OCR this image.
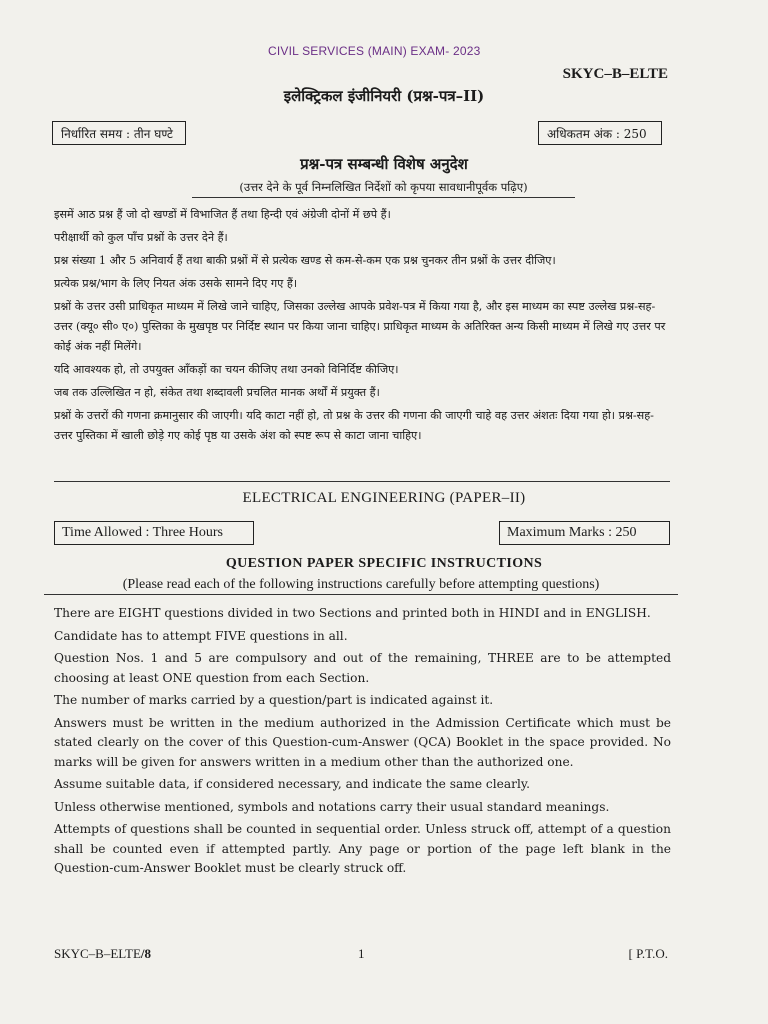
CIVIL SERVICES (MAIN) EXAM- 2023
SKYC–B–ELTE
इलेक्ट्रिकल इंजीनियरी (प्रश्न-पत्र–II)
निर्धारित समय : तीन घण्टे	अधिकतम अंक : 250
प्रश्न-पत्र सम्बन्धी विशेष अनुदेश
(उत्तर देने के पूर्व निम्नलिखित निर्देशों को कृपया सावधानीपूर्वक पढ़िए)

इसमें आठ प्रश्न हैं जो दो खण्डों में विभाजित हैं तथा हिन्दी एवं अंग्रेजी दोनों में छपे हैं।

परीक्षार्थी को कुल पाँच प्रश्नों के उत्तर देने हैं।

प्रश्न संख्या 1 और 5 अनिवार्य हैं तथा बाकी प्रश्नों में से प्रत्येक खण्ड से कम-से-कम एक प्रश्न चुनकर तीन प्रश्नों के उत्तर दीजिए।

प्रत्येक प्रश्न/भाग के लिए नियत अंक उसके सामने दिए गए हैं।

प्रश्नों के उत्तर उसी प्राधिकृत माध्यम में लिखे जाने चाहिए, जिसका उल्लेख आपके प्रवेश-पत्र में किया गया है, और इस माध्यम का स्पष्ट उल्लेख प्रश्न-सह-उत्तर (क्यू० सी० ए०) पुस्तिका के मुखपृष्ठ पर निर्दिष्ट स्थान पर किया जाना चाहिए। प्राधिकृत माध्यम के अतिरिक्त अन्य किसी माध्यम में लिखे गए उत्तर पर कोई अंक नहीं मिलेंगे।

यदि आवश्यक हो, तो उपयुक्त आँकड़ों का चयन कीजिए तथा उनको विनिर्दिष्ट कीजिए।

जब तक उल्लिखित न हो, संकेत तथा शब्दावली प्रचलित मानक अर्थों में प्रयुक्त हैं।

प्रश्नों के उत्तरों की गणना क्रमानुसार की जाएगी। यदि काटा नहीं हो, तो प्रश्न के उत्तर की गणना की जाएगी चाहे वह उत्तर अंशतः दिया गया हो। प्रश्न-सह-उत्तर पुस्तिका में खाली छोड़े गए कोई पृष्ठ या उसके अंश को स्पष्ट रूप से काटा जाना चाहिए।

ELECTRICAL ENGINEERING (PAPER–II)
Time Allowed : Three Hours	Maximum Marks : 250
QUESTION PAPER SPECIFIC INSTRUCTIONS
(Please read each of the following instructions carefully before attempting questions)

There are EIGHT questions divided in two Sections and printed both in HINDI and in ENGLISH.

Candidate has to attempt FIVE questions in all.

Question Nos. 1 and 5 are compulsory and out of the remaining, THREE are to be attempted choosing at least ONE question from each Section.

The number of marks carried by a question/part is indicated against it.

Answers must be written in the medium authorized in the Admission Certificate which must be stated clearly on the cover of this Question-cum-Answer (QCA) Booklet in the space provided. No marks will be given for answers written in a medium other than the authorized one.

Assume suitable data, if considered necessary, and indicate the same clearly.

Unless otherwise mentioned, symbols and notations carry their usual standard meanings.

Attempts of questions shall be counted in sequential order. Unless struck off, attempt of a question shall be counted even if attempted partly. Any page or portion of the page left blank in the Question-cum-Answer Booklet must be clearly struck off.

SKYC–B–ELTE/8	1	[ P.T.O.
